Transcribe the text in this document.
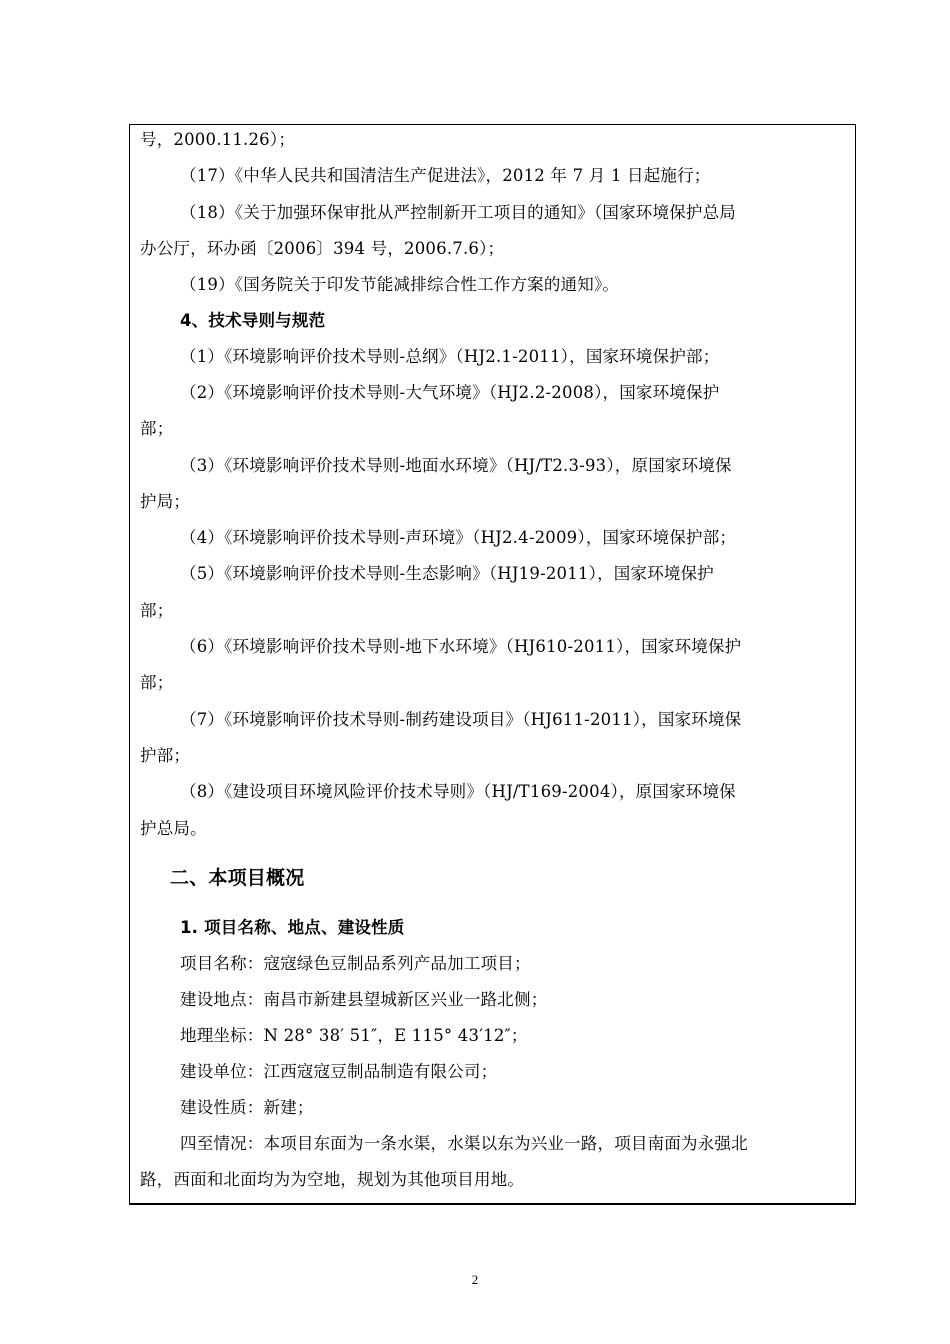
号，2000.11.26）；
（17）《中华人民共和国清洁生产促进法》，2012 年 7 月 1 日起施行；
（18）《关于加强环保审批从严控制新开工项目的通知》（国家环境保护总局
办公厅，环办函〔2006〕394 号，2006.7.6）；
（19）《国务院关于印发节能减排综合性工作方案的通知》。
4、技术导则与规范
（1）《环境影响评价技术导则-总纲》（HJ2.1-2011），国家环境保护部；
（2）《环境影响评价技术导则-大气环境》（HJ2.2-2008），国家环境保护
部；
（3）《环境影响评价技术导则-地面水环境》（HJ/T2.3-93），原国家环境保
护局；
（4）《环境影响评价技术导则-声环境》（HJ2.4-2009），国家环境保护部；
（5）《环境影响评价技术导则-生态影响》（HJ19-2011），国家环境保护
部；
（6）《环境影响评价技术导则-地下水环境》（HJ610-2011），国家环境保护
部；
（7）《环境影响评价技术导则-制药建设项目》（HJ611-2011），国家环境保
护部；
（8）《建设项目环境风险评价技术导则》（HJ/T169-2004），原国家环境保
护总局。
二、本项目概况
1. 项目名称、地点、建设性质
项目名称：寇寇绿色豆制品系列产品加工项目；
建设地点：南昌市新建县望城新区兴业一路北侧；
地理坐标：N 28° 38′ 51″，E 115° 43′12″；
建设单位：江西寇寇豆制品制造有限公司；
建设性质：新建；
四至情况：本项目东面为一条水渠，水渠以东为兴业一路，项目南面为永强北
路，西面和北面均为为空地，规划为其他项目用地。
2
